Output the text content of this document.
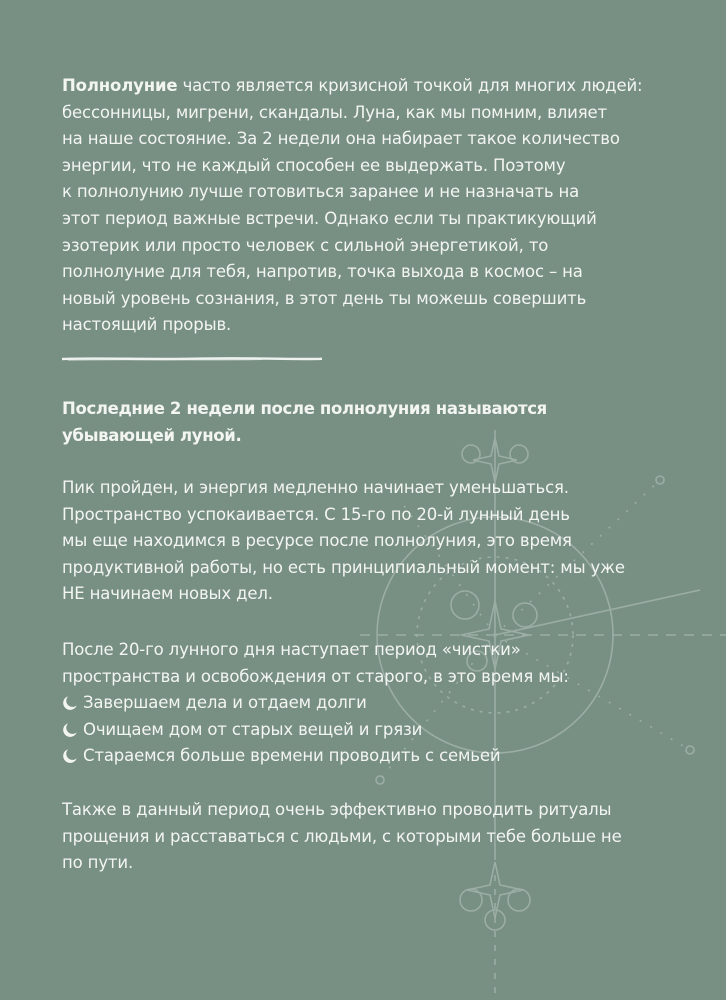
Полнолуние часто является кризисной точкой для многих людей:
бессонницы, мигрени, скандалы. Луна, как мы помним, влияет
на наше состояние. За 2 недели она набирает такое количество
энергии, что не каждый способен ее выдержать. Поэтому
к полнолунию лучше готовиться заранее и не назначать на
этот период важные встречи. Однако если ты практикующий
эзотерик или просто человек с сильной энергетикой, то
полнолуние для тебя, напротив, точка выхода в космос – на
новый уровень сознания, в этот день ты можешь совершить
настоящий прорыв.

Последние 2 недели после полнолуния называются
убывающей луной.

Пик пройден, и энергия медленно начинает уменьшаться.
Пространство успокаивается. С 15-го по 20-й лунный день
мы еще находимся в ресурсе после полнолуния, это время
продуктивной работы, но есть принципиальный момент: мы уже
НЕ начинаем новых дел.

После 20-го лунного дня наступает период «чистки»
пространства и освобождения от старого, в это время мы:

Завершаем дела и отдаем долги
Очищаем дом от старых вещей и грязи
Стараемся больше времени проводить с семьей

Также в данный период очень эффективно проводить ритуалы
прощения и расставаться с людьми, с которыми тебе больше не
по пути.
